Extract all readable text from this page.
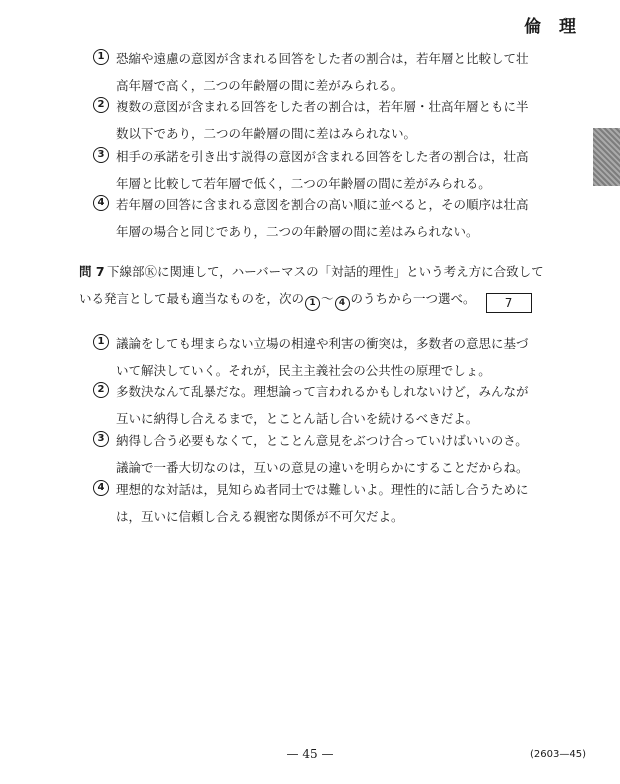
倫 理
1 恐縮や遠慮の意図が含まれる回答をした者の割合は，若年層と比較して壮
高年層で高く，二つの年齢層の間に差がみられる。
2 複数の意図が含まれる回答をした者の割合は，若年層・壮高年層ともに半
数以下であり，二つの年齢層の間に差はみられない。
3 相手の承諾を引き出す説得の意図が含まれる回答をした者の割合は，壮高
年層と比較して若年層で低く，二つの年齢層の間に差がみられる。
4 若年層の回答に含まれる意図を割合の高い順に並べると，その順序は壮高
年層の場合と同じであり，二つの年齢層の間に差はみられない。
問 7 下線部Ⓚに関連して，ハーバーマスの「対話的理性」という考え方に合致して
いる発言として最も適当なものを，次の 1 ～ 4 のうちから一つ選べ。 7
1 議論をしても埋まらない立場の相違や利害の衝突は，多数者の意思に基づ
いて解決していく。それが，民主主義社会の公共性の原理でしょ。
2 多数決なんて乱暴だな。理想論って言われるかもしれないけど，みんなが
互いに納得し合えるまで，とことん話し合いを続けるべきだよ。
3 納得し合う必要もなくて，とことん意見をぶつけ合っていけばいいのさ。
議論で一番大切なのは，互いの意見の違いを明らかにすることだからね。
4 理想的な対話は，見知らぬ者同士では難しいよ。理性的に話し合うために
は，互いに信頼し合える親密な関係が不可欠だよ。
— 45 —	(2603—45)
